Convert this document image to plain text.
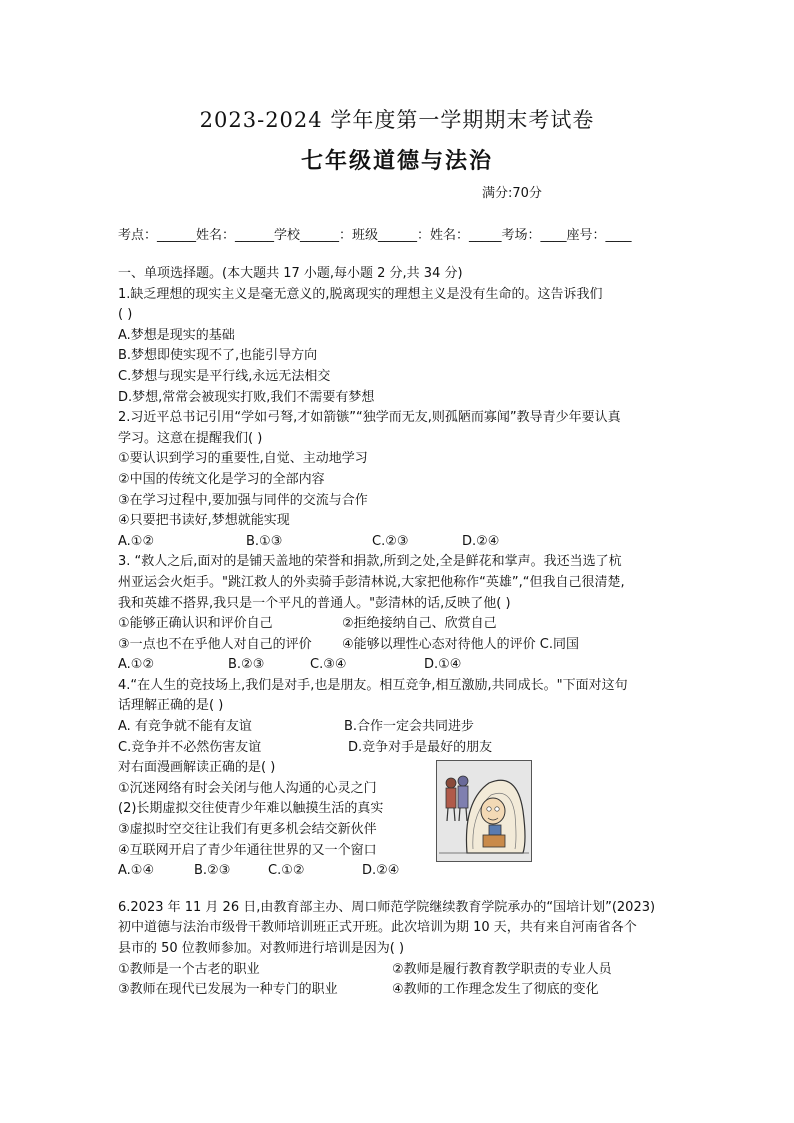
2023-2024 学年度第一学期期末考试卷
七年级道德与法治
满分:70分
考点：______姓名：______学校______：班级______：姓名：_____考场：____座号：____
一、单项选择题。(本大题共 17 小题,每小题 2 分,共 34 分)
1.缺乏理想的现实主义是毫无意义的,脱离现实的理想主义是没有生命的。这告诉我们
( )
A.梦想是现实的基础
B.梦想即使实现不了,也能引导方向
C.梦想与现实是平行线,永远无法相交
D.梦想,常常会被现实打败,我们不需要有梦想
2.习近平总书记引用“学如弓弩,才如箭镞”“独学而无友,则孤陋而寡闻”教导青少年要认真
学习。这意在提醒我们( )
①要认识到学习的重要性,自觉、主动地学习
②中国的传统文化是学习的全部内容
③在学习过程中,要加强与同伴的交流与合作
④只要把书读好,梦想就能实现
A.①②	B.①③	C.②③	D.②④
3. “救人之后,面对的是铺天盖地的荣誉和捐款,所到之处,全是鲜花和掌声。我还当选了杭
州亚运会火炬手。"跳江救人的外卖骑手彭清林说,大家把他称作“英雄”,“但我自己很清楚,
我和英雄不搭界,我只是一个平凡的普通人。"彭清林的话,反映了他( )
①能够正确认识和评价自己	②拒绝接纳自己、欣赏自己
③一点也不在乎他人对自己的评价	④能够以理性心态对待他人的评价 C.同国
A.①②	B.②③	C.③④	D.①④
4.“在人生的竞技场上,我们是对手,也是朋友。相互竞争,相互激励,共同成长。"下面对这句
话理解正确的是( )
A. 有竞争就不能有友谊	B.合作一定会共同进步
C.竞争并不必然伤害友谊	D.竞争对手是最好的朋友
对右面漫画解读正确的是( )
①沉迷网络有时会关闭与他人沟通的心灵之门
(2)长期虚拟交往使青少年难以触摸生活的真实
③虚拟时空交往让我们有更多机会结交新伙伴
④互联网开启了青少年通往世界的又一个窗口
A.①④	B.②③	C.①②	D.②④
6.2023 年 11 月 26 日,由教育部主办、周口师范学院继续教育学院承办的“国培计划”(2023)
初中道德与法治市级骨干教师培训班正式开班。此次培训为期 10 天，共有来自河南省各个
县市的 50 位教师参加。对教师进行培训是因为( )
①教师是一个古老的职业	②教师是履行教育教学职责的专业人员
③教师在现代已发展为一种专门的职业	④教师的工作理念发生了彻底的变化
